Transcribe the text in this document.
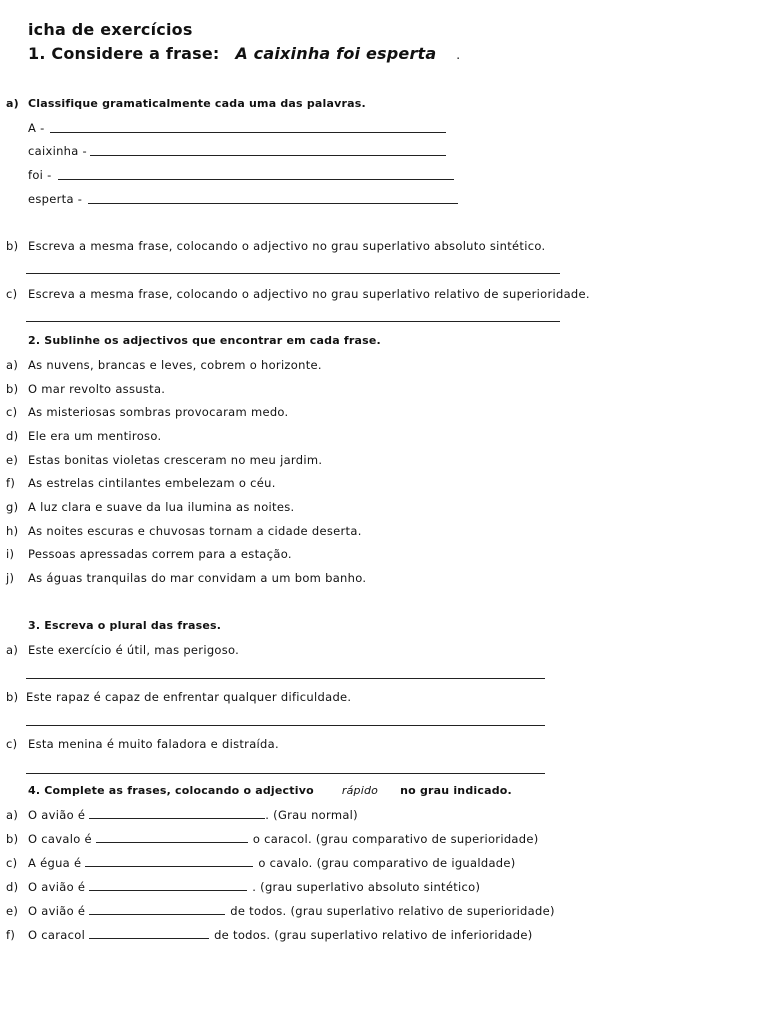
icha de exercícios
1. Considere a frase: A caixinha foi esperta .
a) Classifique gramaticalmente cada uma das palavras.
A -
caixinha -
foi -
esperta -
b) Escreva a mesma frase, colocando o adjectivo no grau superlativo absoluto sintético.
c) Escreva a mesma frase, colocando o adjectivo no grau superlativo relativo de superioridade.
2. Sublinhe os adjectivos que encontrar em cada frase.
a) As nuvens, brancas e leves, cobrem o horizonte.
b) O mar revolto assusta.
c) As misteriosas sombras provocaram medo.
d) Ele era um mentiroso.
e) Estas bonitas violetas cresceram no meu jardim.
f) As estrelas cintilantes embelezam o céu.
g) A luz clara e suave da lua ilumina as noites.
h) As noites escuras e chuvosas tornam a cidade deserta.
i) Pessoas apressadas correm para a estação.
j) As águas tranquilas do mar convidam a um bom banho.
3. Escreva o plural das frases.
a) Este exercício é útil, mas perigoso.
b) Este rapaz é capaz de enfrentar qualquer dificuldade.
c) Esta menina é muito faladora e distraída.
4. Complete as frases, colocando o adjectivo	rápido no grau indicado.
a) O avião é	. (Grau normal)
b) O cavalo é	o caracol. (grau comparativo de superioridade)
c) A égua é	o cavalo. (grau comparativo de igualdade)
d) O avião é	. (grau superlativo absoluto sintético)
e) O avião é	de todos. (grau superlativo relativo de superioridade)
f) O caracol	de todos. (grau superlativo relativo de inferioridade)
